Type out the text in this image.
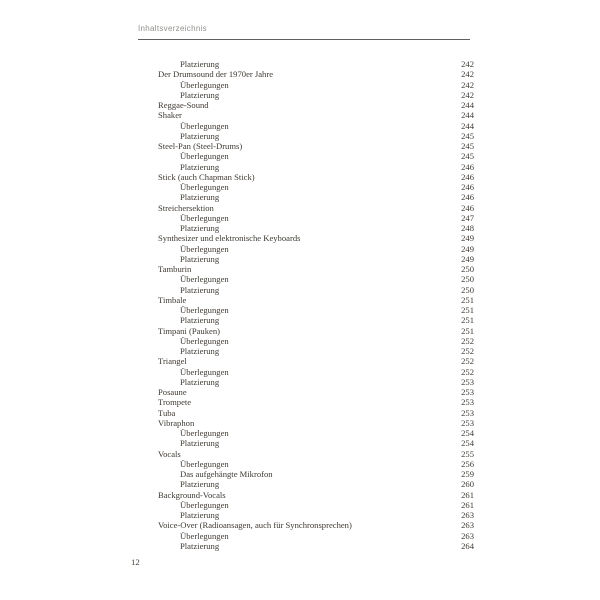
Inhaltsverzeichnis
Platzierung	242
Der Drumsound der 1970er Jahre	242
Überlegungen	242
Platzierung	242
Reggae-Sound	244
Shaker	244
Überlegungen	244
Platzierung	245
Steel-Pan (Steel-Drums)	245
Überlegungen	245
Platzierung	246
Stick (auch Chapman Stick)	246
Überlegungen	246
Platzierung	246
Streichersektion	246
Überlegungen	247
Platzierung	248
Synthesizer und elektronische Keyboards	249
Überlegungen	249
Platzierung	249
Tamburin	250
Überlegungen	250
Platzierung	250
Timbale	251
Überlegungen	251
Platzierung	251
Timpani (Pauken)	251
Überlegungen	252
Platzierung	252
Triangel	252
Überlegungen	252
Platzierung	253
Posaune	253
Trompete	253
Tuba	253
Vibraphon	253
Überlegungen	254
Platzierung	254
Vocals	255
Überlegungen	256
Das aufgehängte Mikrofon	259
Platzierung	260
Background-Vocals	261
Überlegungen	261
Platzierung	263
Voice-Over (Radioansagen, auch für Synchronsprechen)	263
Überlegungen	263
Platzierung	264
12
